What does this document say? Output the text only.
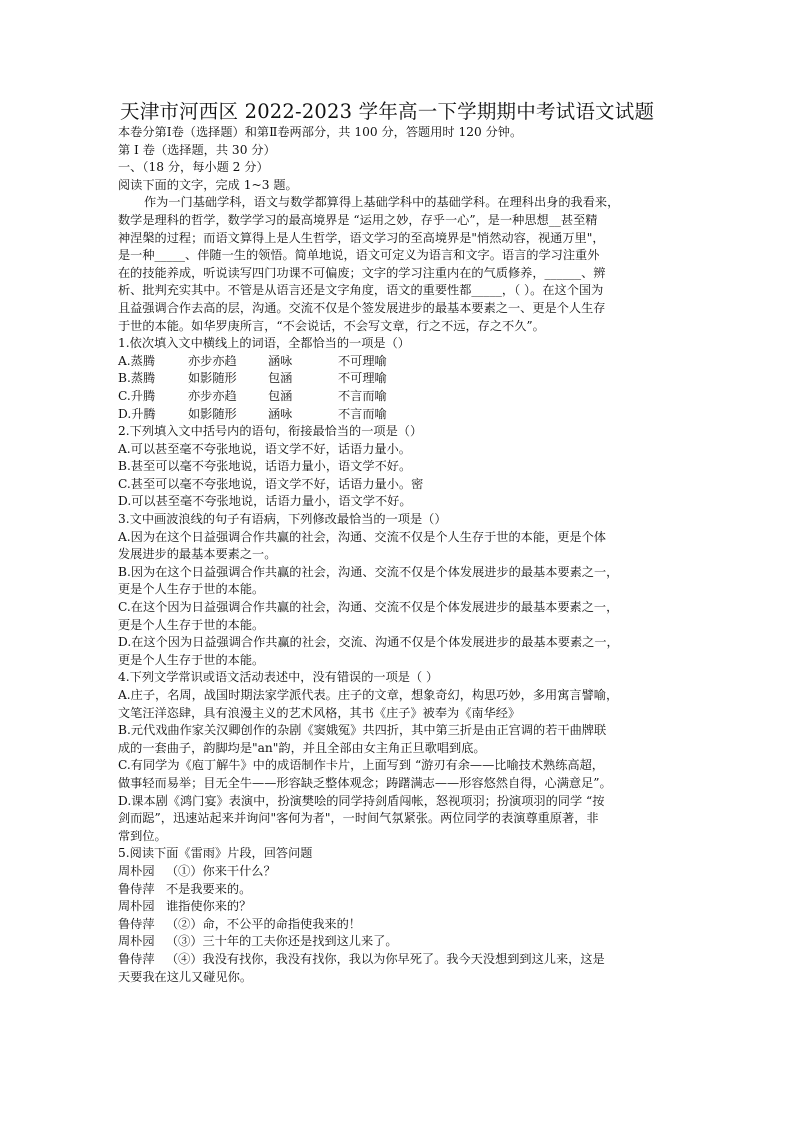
天津市河西区 2022-2023 学年高一下学期期中考试语文试题
本卷分第Ⅰ卷（选择题）和第Ⅱ卷两部分，共 100 分，答题用时 120 分钟。
第 Ⅰ 卷（选择题，共 30 分）
一、（18 分，每小题 2 分）
阅读下面的文字，完成 1~3 题。
作为一门基础学科，语文与数学都算得上基础学科中的基础学科。在理科出身的我看来，
数学是理科的哲学，数学学习的最高境界是 “运用之妙，存乎一心”，是一种思想__甚至精
神涅槃的过程；而语文算得上是人生哲学，语文学习的至高境界是"悄然动容，视通万里"，
是一种_____、伴随一生的领悟。简单地说，语文可定义为语言和文字。语言的学习注重外
在的技能养成，听说读写四门功课不可偏废；文字的学习注重内在的气质修养，______、辨
析、批判充实其中。不管是从语言还是文字角度，语文的重要性都_____，（ ）。在这个国为
且益强调合作去高的层，沟通。交流不仅是个签发展进步的最基本要素之一、更是个人生存
于世的本能。如华罗庚所言，“不会说话，不会写文章，行之不远，存之不久”。
1.依次填入文中横线上的词语，全都恰当的一项是（）
A.蒸腾	亦步亦趋	涵咏	不可理喻
B.蒸腾	如影随形	包涵	不可理喻
C.升腾	亦步亦趋	包涵	不言而喻
D.升腾	如影随形	涵咏	不言而喻
2.下列填入文中括号内的语句，衔接最恰当的一项是（）
A.可以甚至毫不夸张地说，语文学不好，话语力量小。
B.甚至可以毫不夸张地说，话语力量小，语文学不好。
C.甚至可以毫不夸张地说，语文学不好，话语力量小。密
D.可以甚至毫不夸张地说，话语力量小，语文学不好。
3.文中画波浪线的句子有语病，下列修改最恰当的一项是（）
A.因为在这个日益强调合作共赢的社会，沟通、交流不仅是个人生存于世的本能，更是个体
发展进步的最基本要素之一。
B.因为在这个日益强调合作共赢的社会，沟通、交流不仅是个体发展进步的最基本要素之一，
更是个人生存于世的本能。
C.在这个因为日益强调合作共赢的社会，沟通、交流不仅是个体发展进步的最基本要素之一，
更是个人生存于世的本能。
D.在这个因为日益强调合作共赢的社会，交流、沟通不仅是个体发展进步的最基本要素之一，
更是个人生存于世的本能。
4.下列文学常识或语文活动表述中，没有错误的一项是（ ）
A.庄子，名周，战国时期法家学派代表。庄子的文章，想象奇幻，构思巧妙，多用寓言譬喻，
文笔汪洋恣肆，具有浪漫主义的艺术风格，其书《庄子》被奉为《南华经》
B.元代戏曲作家关汉卿创作的杂剧《窦娥冤》共四折，其中第三折是由正宫调的若干曲牌联
成的一套曲子，韵脚均是"an"韵，并且全部由女主角正旦歌唱到底。
C.有同学为《庖丁解牛》中的成语制作卡片，上面写到 “游刃有余——比喻技术熟练高超，
做事轻而易举；目无全牛——形容缺乏整体观念；踌躇满志——形容悠然自得，心满意足”。
D.课本剧《鸿门宴》表演中，扮演樊哙的同学持剑盾闯帐，怒视项羽；扮演项羽的同学 “按
剑而跽”，迅速站起来并询问"客何为者"，一时间气氛紧张。两位同学的表演尊重原著，非
常到位。
5.阅读下面《雷雨》片段，回答问题
周朴园 （①）你来干什么？
鲁侍萍 不是我要来的。
周朴园 谁指使你来的？
鲁侍萍 （②）命，不公平的命指使我来的！
周朴园 （③）三十年的工夫你还是找到这儿来了。
鲁侍萍 （④）我没有找你，我没有找你，我以为你早死了。我今天没想到到这儿来，这是
天要我在这儿又碰见你。
